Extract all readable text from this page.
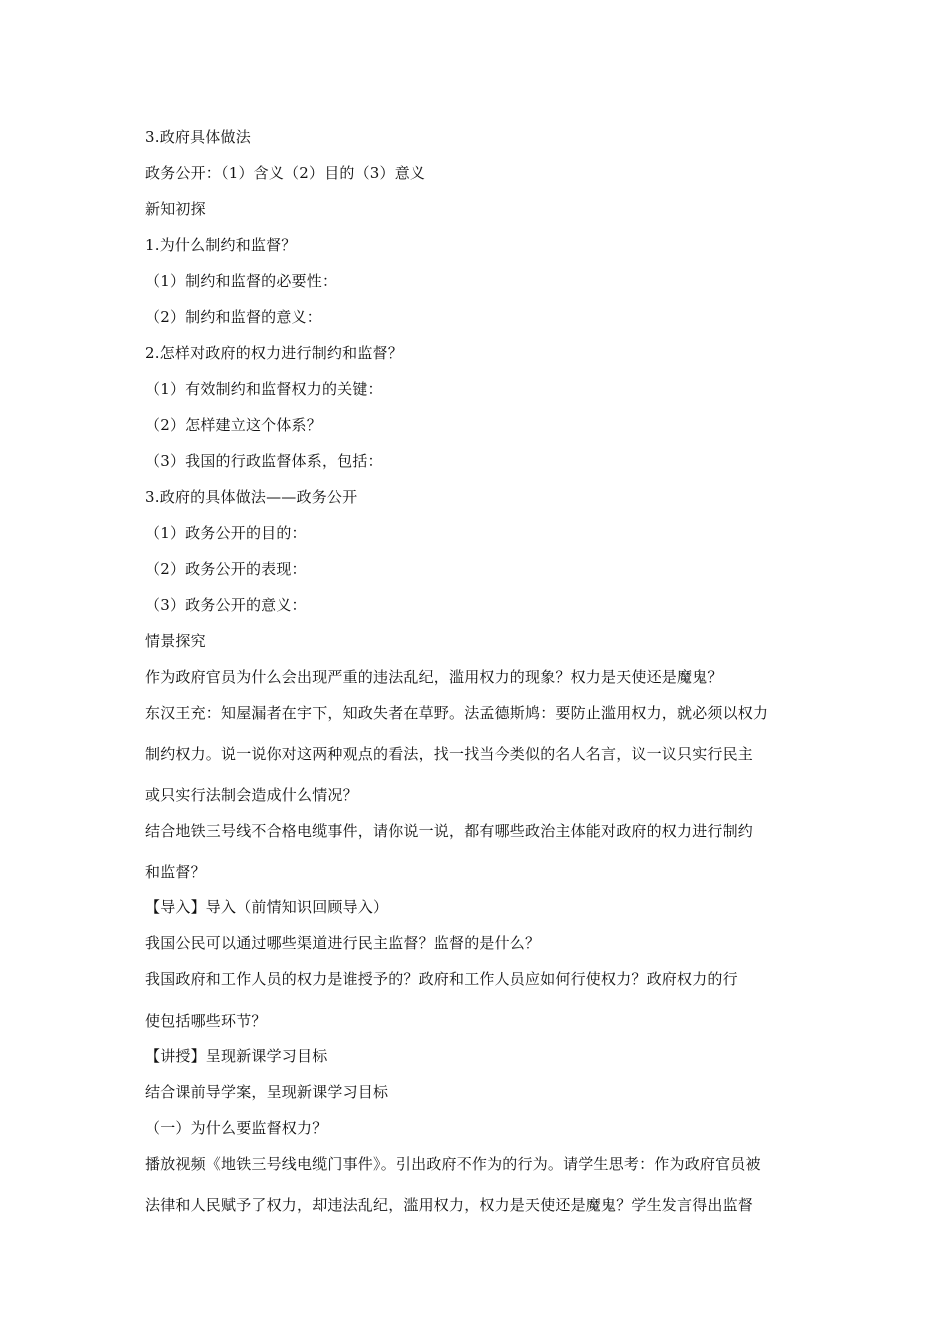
3.政府具体做法
政务公开：（1）含义（2）目的（3）意义
新知初探
1.为什么制约和监督？
（1）制约和监督的必要性：
（2）制约和监督的意义：
2.怎样对政府的权力进行制约和监督？
（1）有效制约和监督权力的关键：
（2）怎样建立这个体系？
（3）我国的行政监督体系，包括：
3.政府的具体做法——政务公开
（1）政务公开的目的：
（2）政务公开的表现：
（3）政务公开的意义：
情景探究
作为政府官员为什么会出现严重的违法乱纪，滥用权力的现象？权力是天使还是魔鬼？
东汉王充：知屋漏者在宇下，知政失者在草野。法孟德斯鸠：要防止滥用权力，就必须以权力
制约权力。说一说你对这两种观点的看法，找一找当今类似的名人名言，议一议只实行民主
或只实行法制会造成什么情况？
结合地铁三号线不合格电缆事件，请你说一说，都有哪些政治主体能对政府的权力进行制约
和监督？
【导入】导入（前情知识回顾导入）
我国公民可以通过哪些渠道进行民主监督？监督的是什么？
我国政府和工作人员的权力是谁授予的？政府和工作人员应如何行使权力？政府权力的行
使包括哪些环节？
【讲授】呈现新课学习目标
结合课前导学案，呈现新课学习目标
（一）为什么要监督权力？
播放视频《地铁三号线电缆门事件》。引出政府不作为的行为。请学生思考：作为政府官员被
法律和人民赋予了权力，却违法乱纪，滥用权力，权力是天使还是魔鬼？学生发言得出监督
